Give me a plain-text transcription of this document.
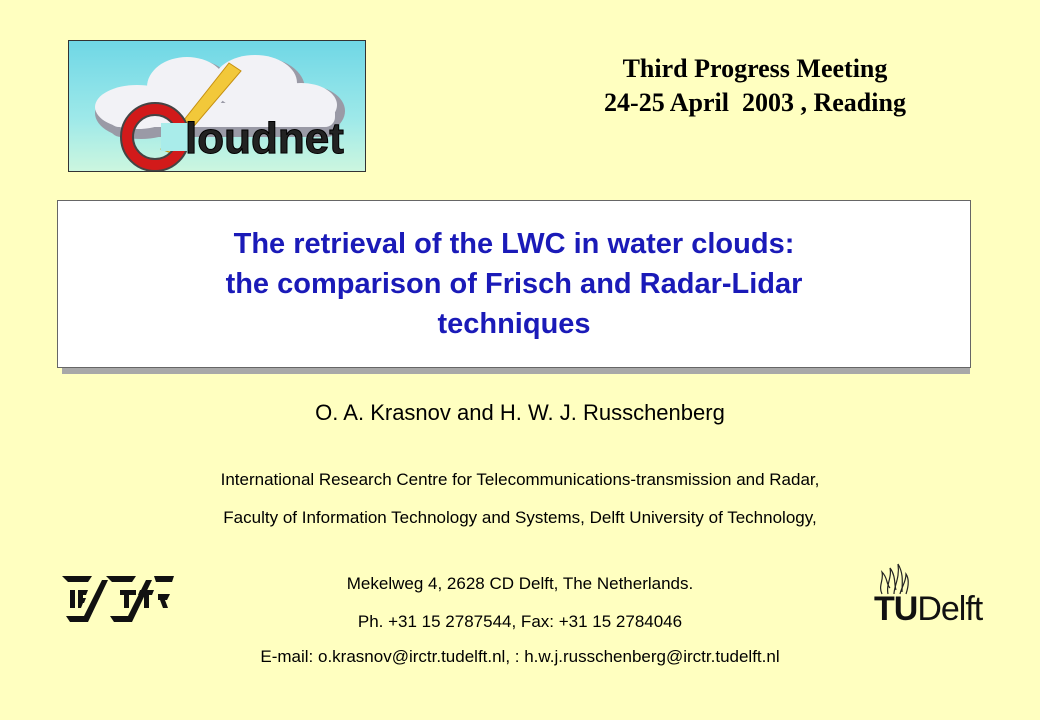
loudnet
Third Progress Meeting
24-25 April  2003 , Reading
The retrieval of the LWC in water clouds:
the comparison of Frisch and Radar-Lidar
techniques
O. A. Krasnov and H. W. J. Russchenberg
International Research Centre for Telecommunications-transmission and Radar,
Faculty of Information Technology and Systems, Delft University of Technology,
Mekelweg 4, 2628 CD Delft, The Netherlands.
Ph. +31 15 2787544, Fax: +31 15 2784046
E-mail: o.krasnov@irctr.tudelft.nl, : h.w.j.russchenberg@irctr.tudelft.nl
TUDelft
